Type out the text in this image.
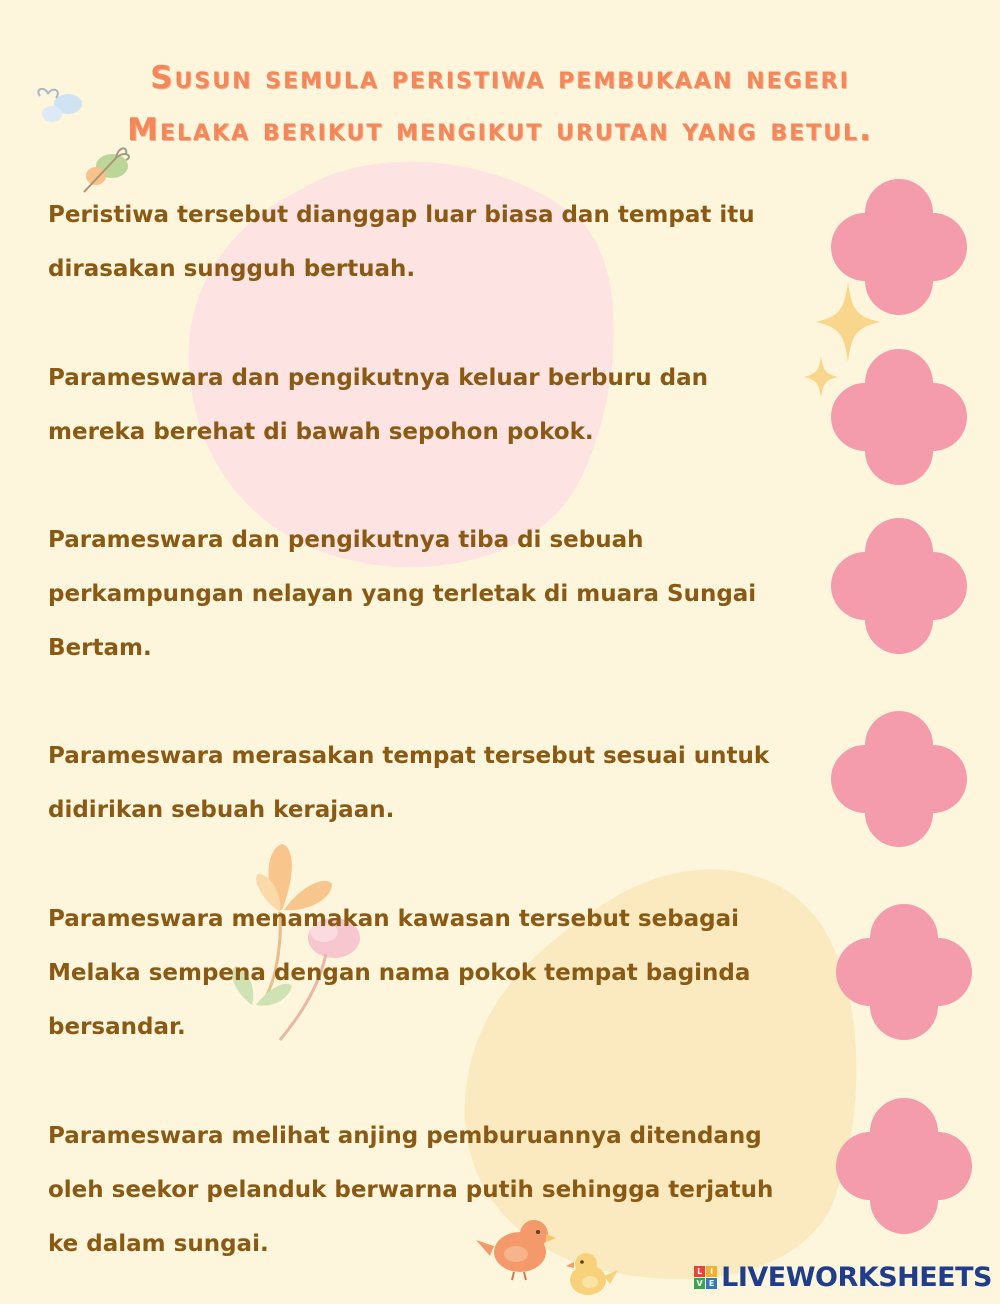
Susun semula peristiwa pembukaan negeri
Melaka berikut mengikut urutan yang betul.
Peristiwa tersebut dianggap luar biasa dan tempat itu
dirasakan sungguh bertuah.
Parameswara dan pengikutnya keluar berburu dan
mereka berehat di bawah sepohon pokok.
Parameswara dan pengikutnya tiba di sebuah
perkampungan nelayan yang terletak di muara Sungai
Bertam.
Parameswara merasakan tempat tersebut sesuai untuk
didirikan sebuah kerajaan.
Parameswara menamakan kawasan tersebut sebagai
Melaka sempena dengan nama pokok tempat baginda
bersandar.
Parameswara melihat anjing pemburuannya ditendang
oleh seekor pelanduk berwarna putih sehingga terjatuh
ke dalam sungai.
L I
V E LIVEWORKSHEETS
